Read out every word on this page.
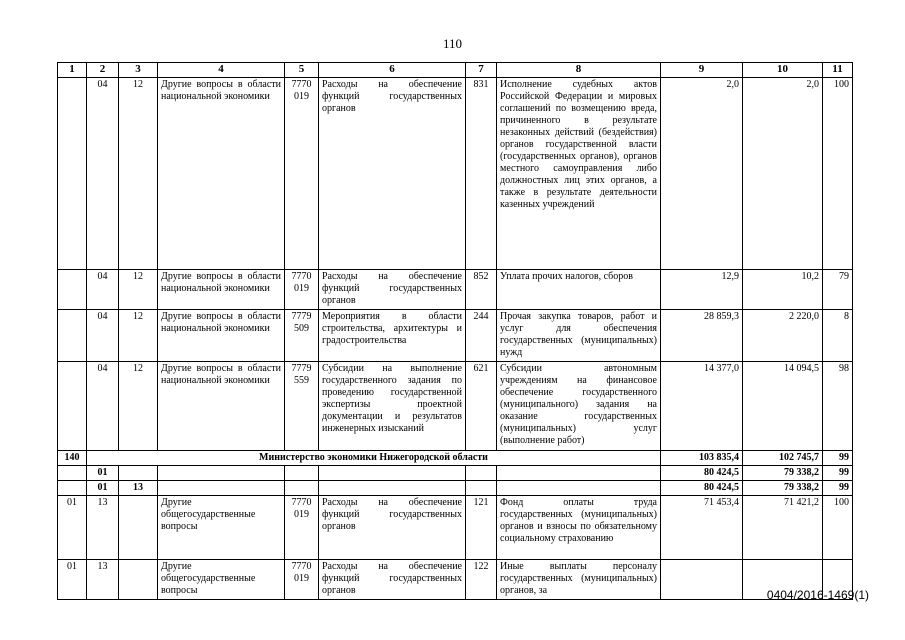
110
1	2	3	4	5	6	7	8	9	10	11
	04	12	Другие вопросы в области национальной экономики	7770 019	Расходы на обеспечение функций государственных органов	831	Исполнение судебных актов Российской Федерации и мировых соглашений по возмещению вреда, причиненного в результате незаконных действий (бездействия) органов государственной власти (государственных органов), органов местного самоуправления либо должностных лиц этих органов, а также в результате деятельности казенных учреждений	2,0	2,0	100
	04	12	Другие вопросы в области национальной экономики	7770 019	Расходы на обеспечение функций государственных органов	852	Уплата прочих налогов, сборов	12,9	10,2	79
	04	12	Другие вопросы в области национальной экономики	7779 509	Мероприятия в области строительства, архитектуры и градостроительства	244	Прочая закупка товаров, работ и услуг для обеспечения государственных (муниципальных) нужд	28 859,3	2 220,0	8
	04	12	Другие вопросы в области национальной экономики	7779 559	Субсидии на выполнение государственного задания по проведению государственной экспертизы проектной документации и результатов инженерных изысканий	621	Субсидии автономным учреждениям на финансовое обеспечение государственного (муниципального) задания на оказание государственных (муниципальных) услуг (выполнение работ)	14 377,0	14 094,5	98
140	Министерство экономики Нижегородской области							103 835,4	102 745,7	99
	01							80 424,5	79 338,2	99
	01	13						80 424,5	79 338,2	99
01	13		Другие общегосударственные вопросы	7770 019	Расходы на обеспечение функций государственных органов	121	Фонд оплаты труда государственных (муниципальных) органов и взносы по обязательному социальному страхованию	71 453,4	71 421,2	100
01	13		Другие общегосударственные вопросы	7770 019	Расходы на обеспечение функций государственных органов	122	Иные выплаты персоналу государственных (муниципальных) органов, за				0404/2016-1469(1)
